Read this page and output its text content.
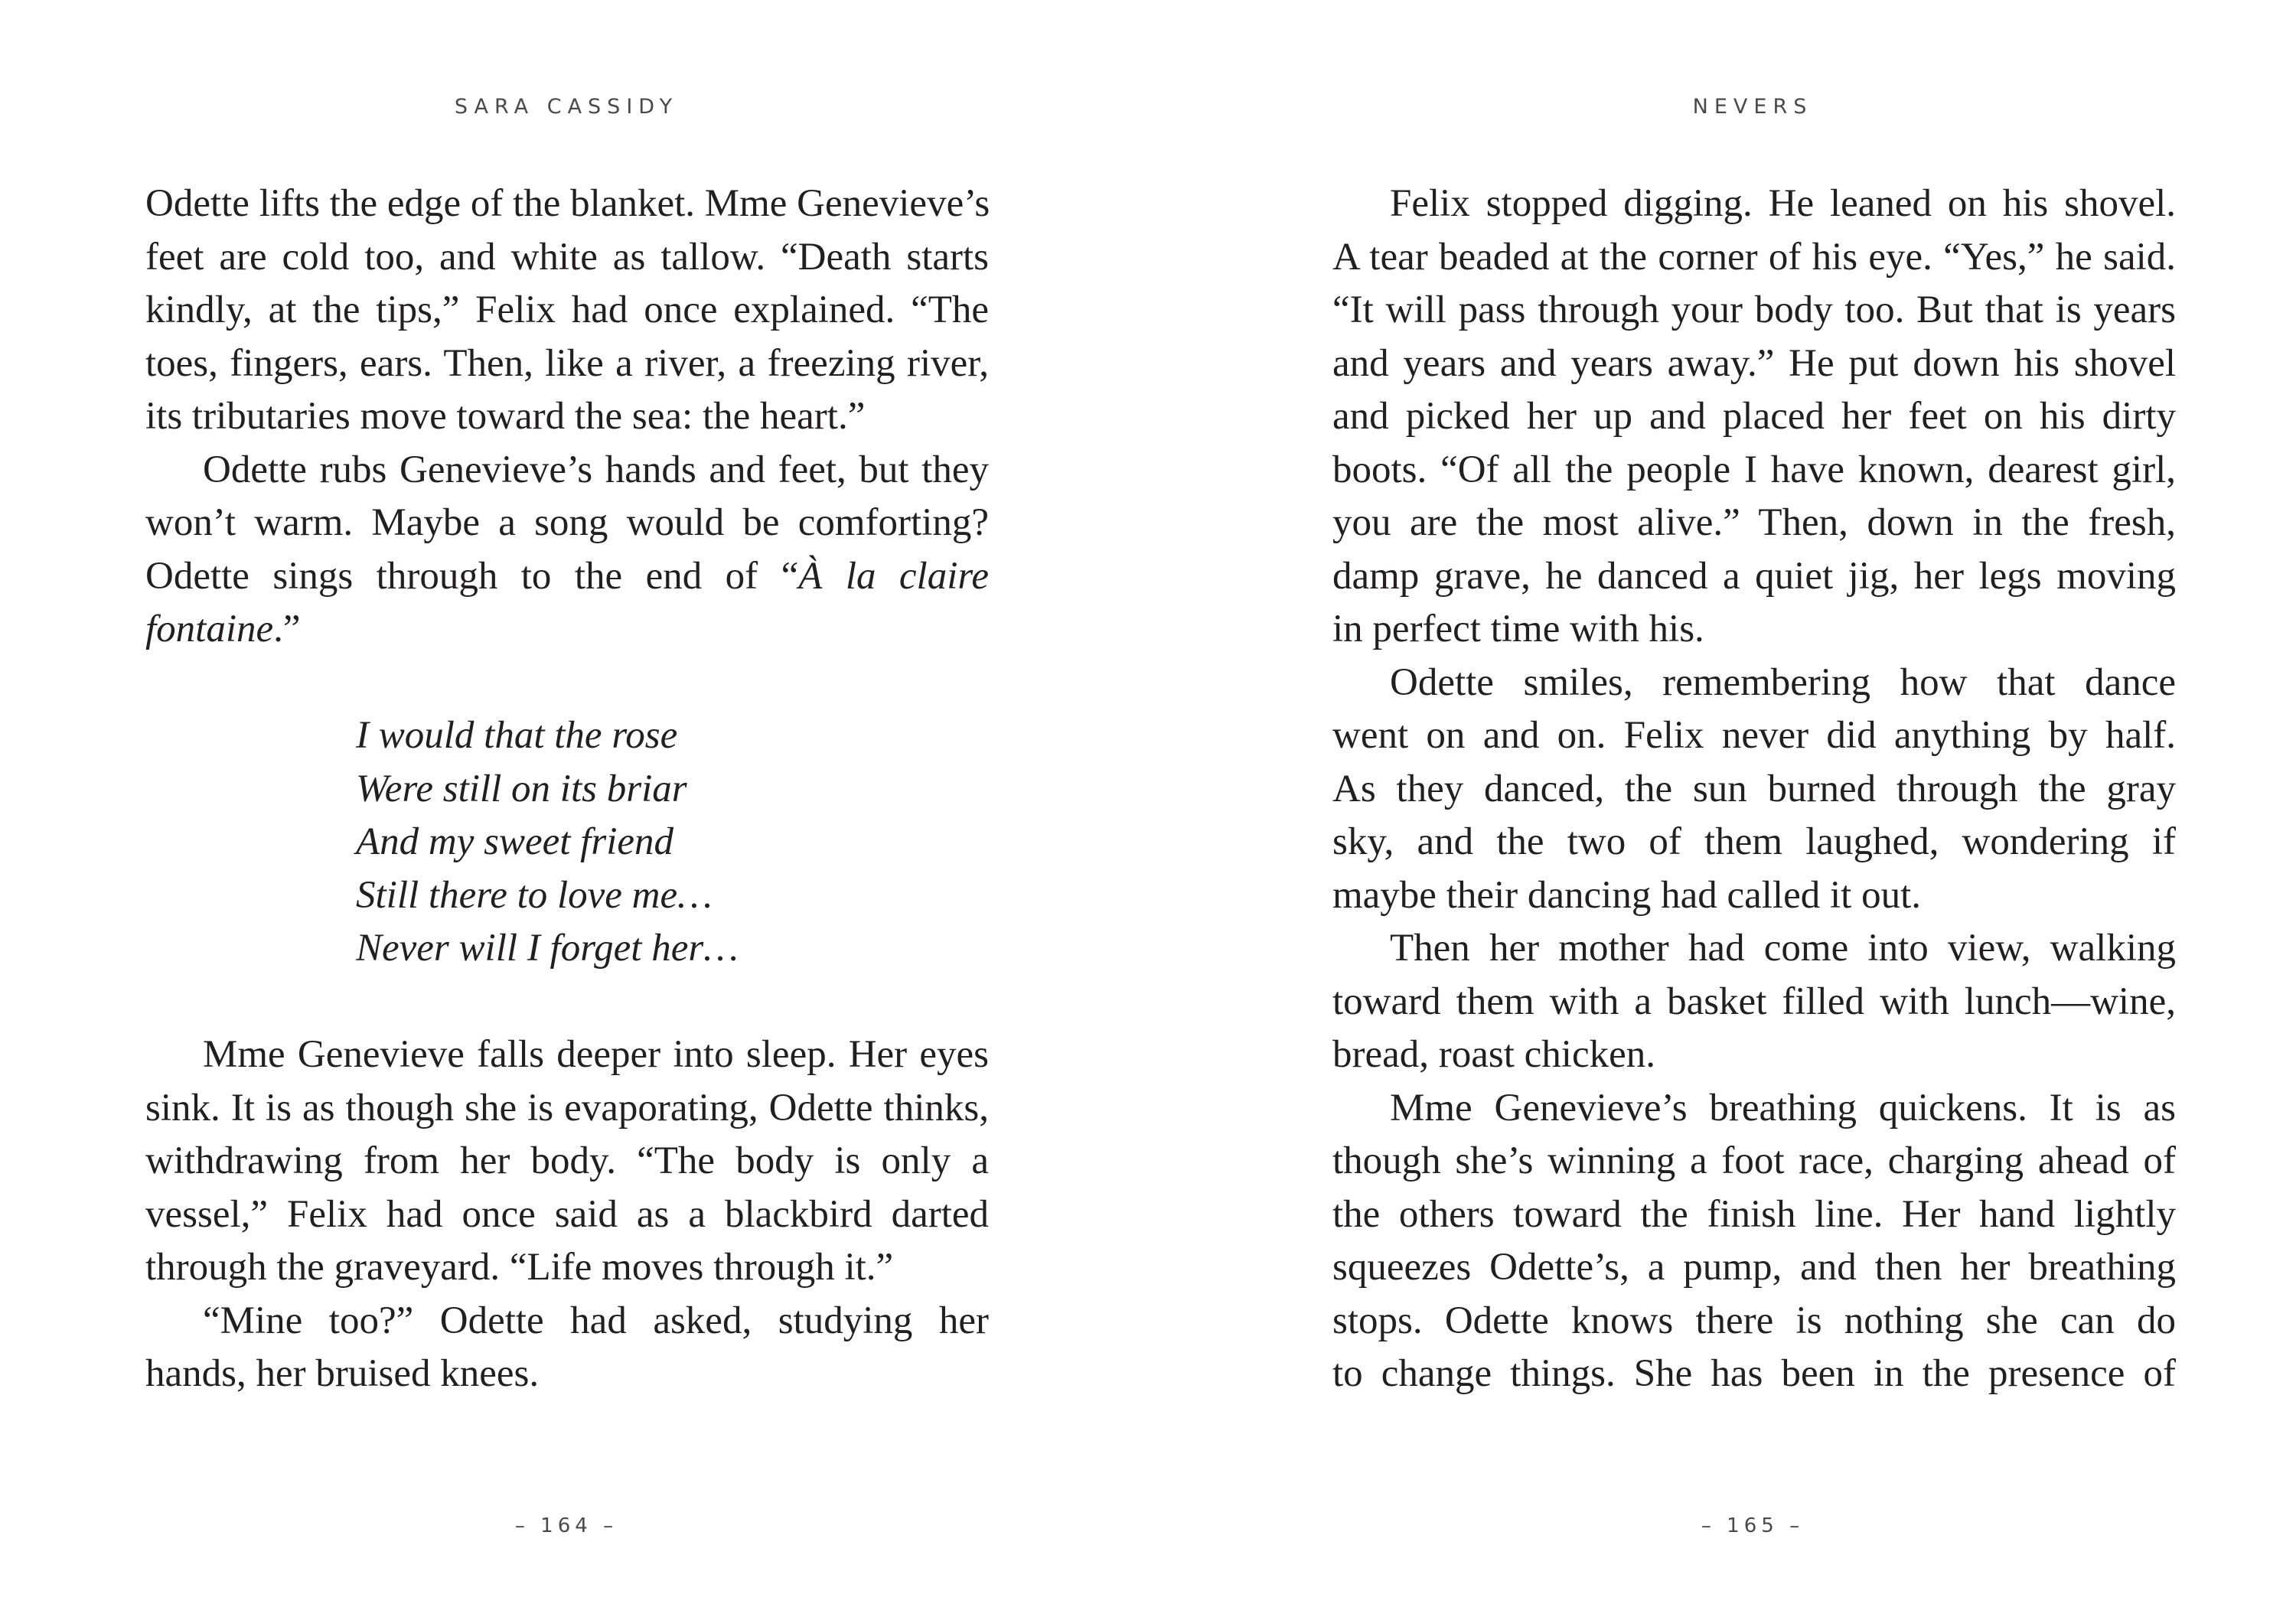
SARA CASSIDY
Odette lifts the edge of the blanket. Mme Genevieve’s
feet are cold too, and white as tallow. “Death starts
kindly, at the tips,” Felix had once explained. “The
toes, fingers, ears. Then, like a river, a freezing river,
its tributaries move toward the sea: the heart.”
Odette rubs Genevieve’s hands and feet, but they
won’t warm. Maybe a song would be comforting?
Odette sings through to the end of “À la claire
fontaine.”
I would that the rose
Were still on its briar
And my sweet friend
Still there to love me…
Never will I forget her…
Mme Genevieve falls deeper into sleep. Her eyes
sink. It is as though she is evaporating, Odette thinks,
withdrawing from her body. “The body is only a
vessel,” Felix had once said as a blackbird darted
through the graveyard. “Life moves through it.”
“Mine too?” Odette had asked, studying her
hands, her bruised knees.
– 164 –
NEVERS
Felix stopped digging. He leaned on his shovel.
A tear beaded at the corner of his eye. “Yes,” he said.
“It will pass through your body too. But that is years
and years and years away.” He put down his shovel
and picked her up and placed her feet on his dirty
boots. “Of all the people I have known, dearest girl,
you are the most alive.” Then, down in the fresh,
damp grave, he danced a quiet jig, her legs moving
in perfect time with his.
Odette smiles, remembering how that dance
went on and on. Felix never did anything by half.
As they danced, the sun burned through the gray
sky, and the two of them laughed, wondering if
maybe their dancing had called it out.
Then her mother had come into view, walking
toward them with a basket filled with lunch—wine,
bread, roast chicken.
Mme Genevieve’s breathing quickens. It is as
though she’s winning a foot race, charging ahead of
the others toward the finish line. Her hand lightly
squeezes Odette’s, a pump, and then her breathing
stops. Odette knows there is nothing she can do
to change things. She has been in the presence of
– 165 –
